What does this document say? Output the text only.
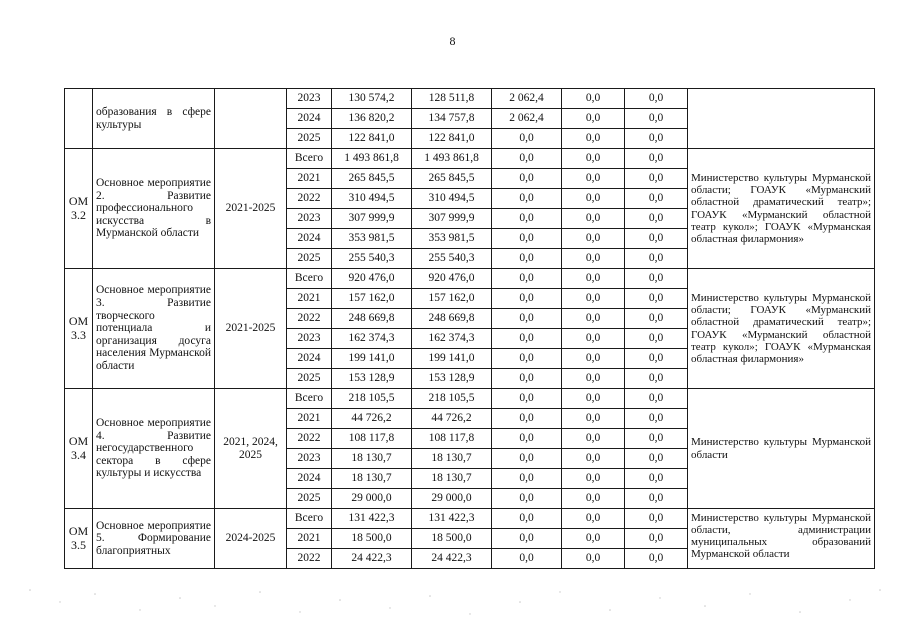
8
	образования в сфере культуры		2023	130 574,2	128 511,8	2 062,4	0,0	0,0	
			2024	136 820,2	134 757,8	2 062,4	0,0	0,0	
			2025	122 841,0	122 841,0	0,0	0,0	0,0	
ОМ 3.2	Основное мероприятие 2. Развитие профессионального искусства в Мурманской области	2021-2025	Всего	1 493 861,8	1 493 861,8	0,0	0,0	0,0	Министерство культуры Мурманской области; ГОАУК «Мурманский областной драматический театр»; ГОАУК «Мурманский областной театр кукол»; ГОАУК «Мурманская областная филармония»
			2021	265 845,5	265 845,5	0,0	0,0	0,0	
			2022	310 494,5	310 494,5	0,0	0,0	0,0	
			2023	307 999,9	307 999,9	0,0	0,0	0,0	
			2024	353 981,5	353 981,5	0,0	0,0	0,0	
			2025	255 540,3	255 540,3	0,0	0,0	0,0	
ОМ 3.3	Основное мероприятие 3. Развитие творческого потенциала и организация досуга населения Мурманской области	2021-2025	Всего	920 476,0	920 476,0	0,0	0,0	0,0	Министерство культуры Мурманской области; ГОАУК «Мурманский областной драматический театр»; ГОАУК «Мурманский областной театр кукол»; ГОАУК «Мурманская областная филармония»
			2021	157 162,0	157 162,0	0,0	0,0	0,0	
			2022	248 669,8	248 669,8	0,0	0,0	0,0	
			2023	162 374,3	162 374,3	0,0	0,0	0,0	
			2024	199 141,0	199 141,0	0,0	0,0	0,0	
			2025	153 128,9	153 128,9	0,0	0,0	0,0	
ОМ 3.4	Основное мероприятие 4. Развитие негосударственного сектора в сфере культуры и искусства	2021, 2024, 2025	Всего	218 105,5	218 105,5	0,0	0,0	0,0	Министерство культуры Мурманской области
			2021	44 726,2	44 726,2	0,0	0,0	0,0	
			2022	108 117,8	108 117,8	0,0	0,0	0,0	
			2023	18 130,7	18 130,7	0,0	0,0	0,0	
			2024	18 130,7	18 130,7	0,0	0,0	0,0	
			2025	29 000,0	29 000,0	0,0	0,0	0,0	
ОМ 3.5	Основное мероприятие 5. Формирование благоприятных	2024-2025	Всего	131 422,3	131 422,3	0,0	0,0	0,0	Министерство культуры Мурманской области, администрации муниципальных образований Мурманской области
			2021	18 500,0	18 500,0	0,0	0,0	0,0	
			2022	24 422,3	24 422,3	0,0	0,0	0,0	
